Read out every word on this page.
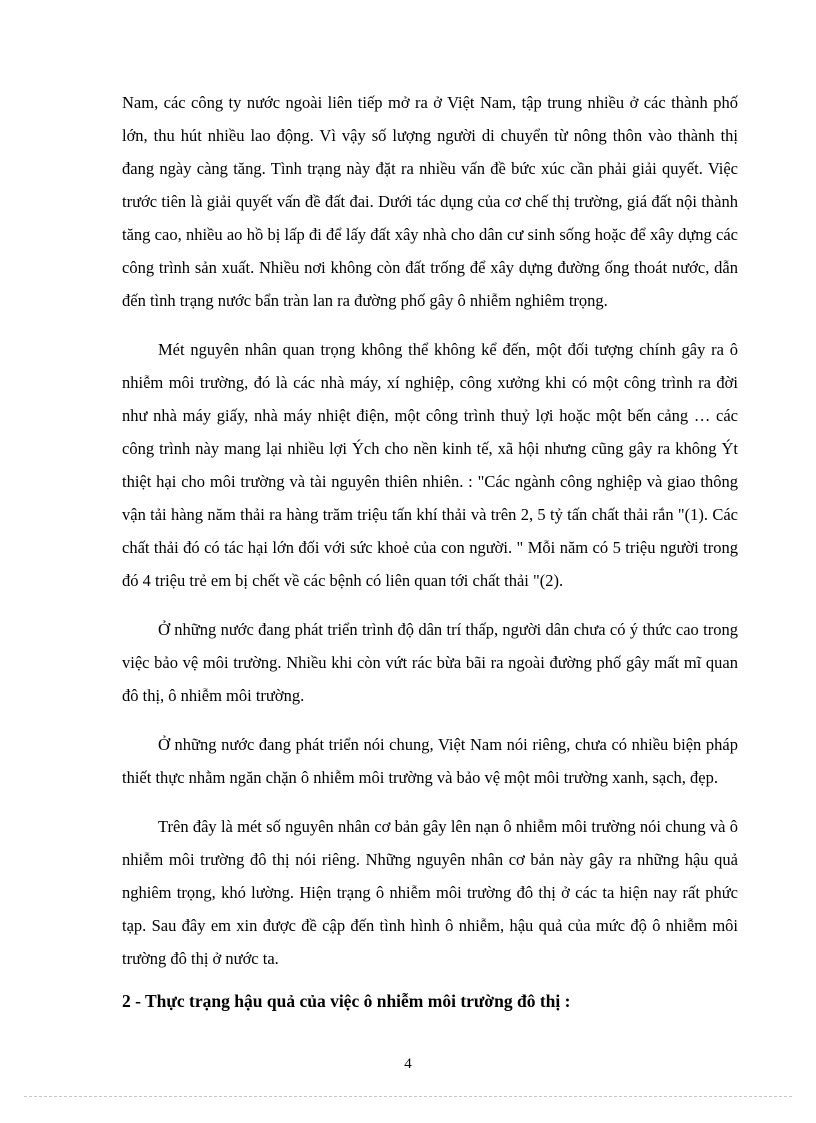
Nam, các công ty nước ngoài liên tiếp mở ra ở Việt Nam, tập trung nhiều ở các thành phố lớn, thu hút nhiều lao động. Vì vậy số lượng người di chuyển từ nông thôn vào thành thị đang ngày càng tăng. Tình trạng này đặt ra nhiều vấn đề bức xúc cần phải giải quyết. Việc trước tiên là giải quyết vấn đề đất đai. Dưới tác dụng của cơ chế thị trường, giá đất nội thành tăng cao, nhiều ao hồ bị lấp đi để lấy đất xây nhà cho dân cư sinh sống hoặc để xây dựng các công trình sản xuất. Nhiều nơi không còn đất trống để xây dựng đường ống thoát nước, dẫn đến tình trạng nước bẩn tràn lan ra đường phố gây ô nhiễm nghiêm trọng.

Mét nguyên nhân quan trọng không thể không kể đến, một đối tượng chính gây ra ô nhiễm môi trường, đó là các nhà máy, xí nghiệp, công xưởng khi có một công trình ra đời như nhà máy giấy, nhà máy nhiệt điện, một công trình thuỷ lợi hoặc một bến cảng … các công trình này mang lại nhiều lợi Ých cho nền kinh tế, xã hội nhưng cũng gây ra không Ýt thiệt hại cho môi trường và tài nguyên thiên nhiên. : "Các ngành công nghiệp và giao thông vận tải hàng năm thải ra hàng trăm triệu tấn khí thải và trên 2, 5 tỷ tấn chất thải rắn "(1). Các chất thải đó có tác hại lớn đối với sức khoẻ của con người. " Mỗi năm có 5 triệu người trong đó 4 triệu trẻ em bị chết về các bệnh có liên quan tới chất thải "(2).

Ở những nước đang phát triển trình độ dân trí thấp, người dân chưa có ý thức cao trong việc bảo vệ môi trường. Nhiều khi còn vứt rác bừa bãi ra ngoài đường phố gây mất mĩ quan đô thị, ô nhiễm môi trường.

Ở những nước đang phát triển nói chung, Việt Nam nói riêng, chưa có nhiều biện pháp thiết thực nhằm ngăn chặn ô nhiễm môi trường và bảo vệ một môi trường xanh, sạch, đẹp.

Trên đây là mét số nguyên nhân cơ bản gây lên nạn ô nhiễm môi trường nói chung và ô nhiễm môi trường đô thị nói riêng. Những nguyên nhân cơ bản này gây ra những hậu quả nghiêm trọng, khó lường. Hiện trạng ô nhiễm môi trường đô thị ở các ta hiện nay rất phức tạp. Sau đây em xin được đề cập đến tình hình ô nhiễm, hậu quả của mức độ ô nhiễm môi trường đô thị ở nước ta.

2 - Thực trạng hậu quả của việc ô nhiễm môi trường đô thị :
4
